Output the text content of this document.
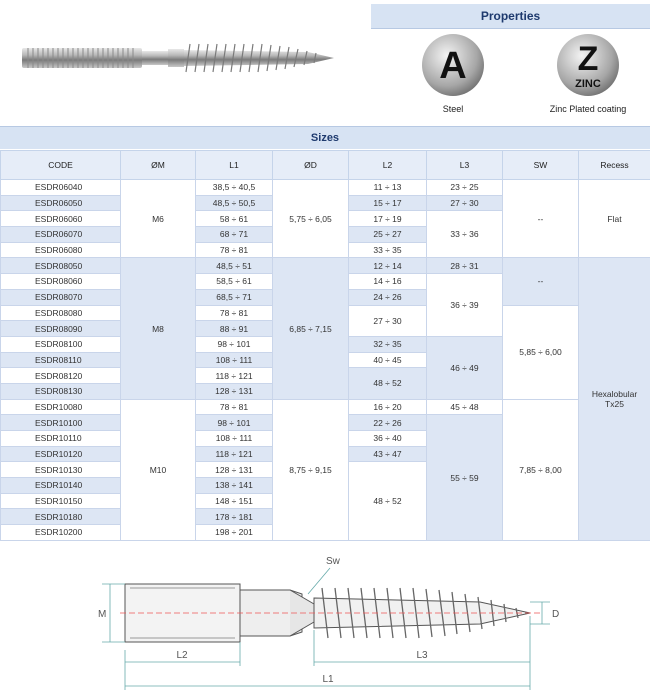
Properties
A
Steel
Z
ZINC
Zinc Plated coating
Sizes
CODE	ØM	L1	ØD	L2	L3	SW	Recess
ESDR06040	M6	38,5 ÷ 40,5	5,75 ÷ 6,05	11 ÷ 13	23 ÷ 25	--	Flat
ESDR06050		48,5 ÷ 50,5		15 ÷ 17	27 ÷ 30		
ESDR06060		58 ÷ 61		17 ÷ 19	33 ÷ 36		
ESDR06070		68 ÷ 71		25 ÷ 27			
ESDR06080		78 ÷ 81		33 ÷ 35			
ESDR08050	M8	48,5 ÷ 51	6,85 ÷ 7,15	12 ÷ 14	28 ÷ 31	--	Hexalobular
Tx25
ESDR08060		58,5 ÷ 61		14 ÷ 16	36 ÷ 39		
ESDR08070		68,5 ÷ 71		24 ÷ 26			
ESDR08080		78 ÷ 81		27 ÷ 30		5,85 ÷ 6,00	
ESDR08090		88 ÷ 91					
ESDR08100		98 ÷ 101		32 ÷ 35	46 ÷ 49		
ESDR08110		108 ÷ 111		40 ÷ 45			
ESDR08120		118 ÷ 121		48 ÷ 52			
ESDR08130		128 ÷ 131					
ESDR10080	M10	78 ÷ 81	8,75 ÷ 9,15	16 ÷ 20	45 ÷ 48	7,85 ÷ 8,00	
ESDR10100		98 ÷ 101		22 ÷ 26	55 ÷ 59		
ESDR10110		108 ÷ 111		36 ÷ 40			
ESDR10120		118 ÷ 121		43 ÷ 47			
ESDR10130		128 ÷ 131		48 ÷ 52			
ESDR10140		138 ÷ 141					
ESDR10150		148 ÷ 151					
ESDR10180		178 ÷ 181					
ESDR10200		198 ÷ 201					
M	D
L2	L3
L1
Sw
